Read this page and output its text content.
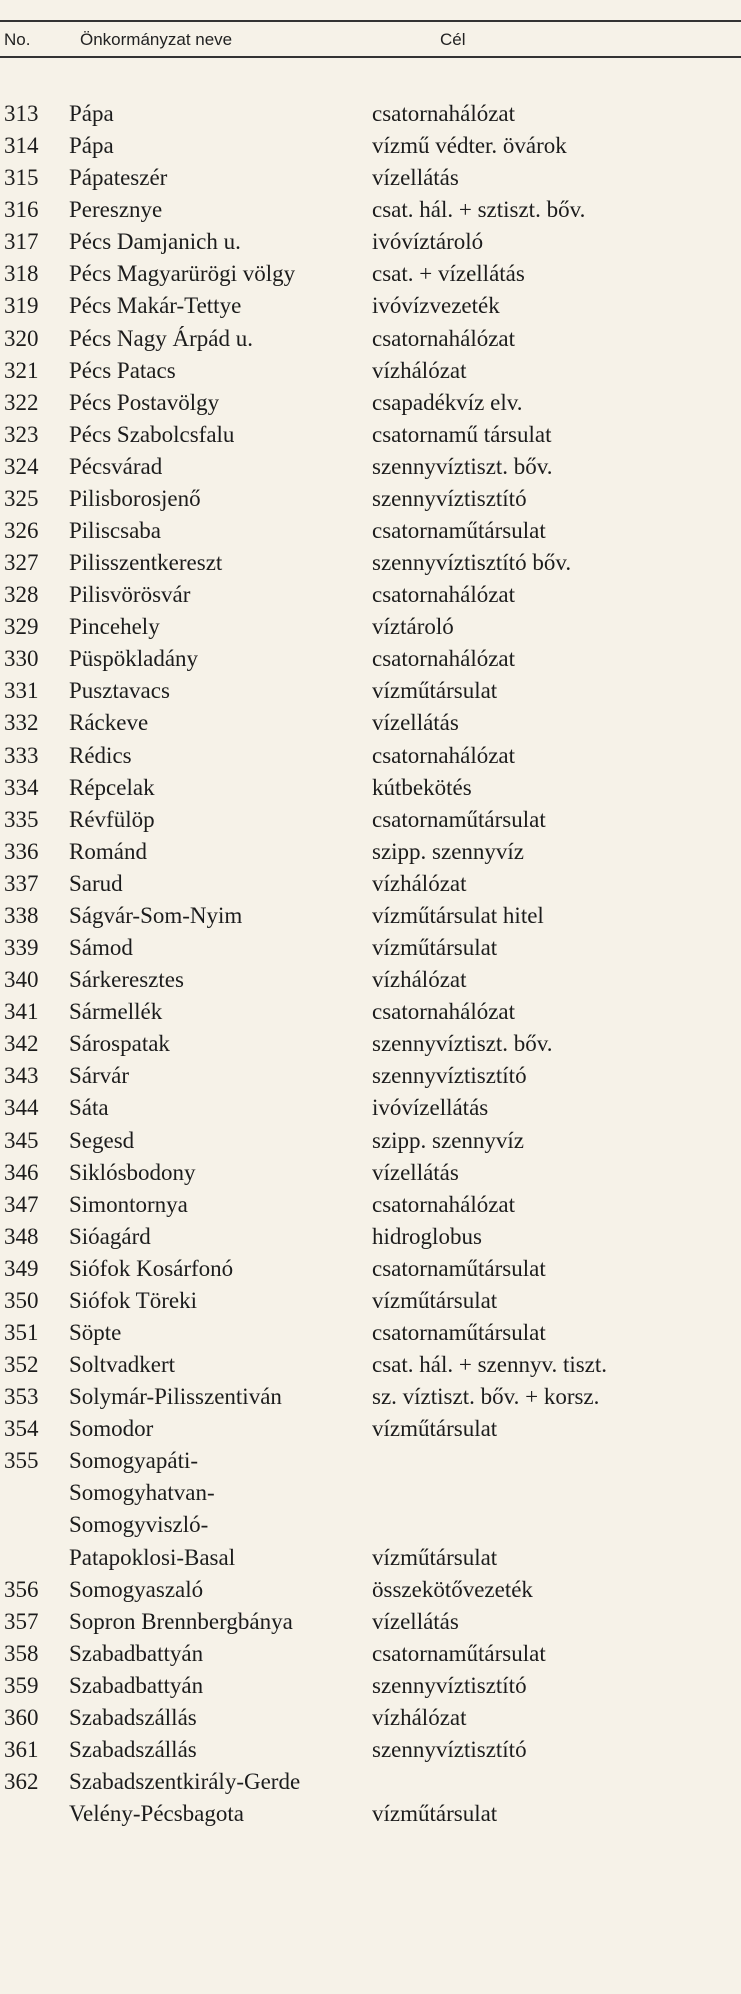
No.	Önkormányzat neve	Cél
313	Pápa	csatornahálózat
314	Pápa	vízmű védter. övárok
315	Pápateszér	vízellátás
316	Peresznye	csat. hál. + sztiszt. bőv.
317	Pécs Damjanich u.	ivóvíztároló
318	Pécs Magyarürögi völgy	csat. + vízellátás
319	Pécs Makár-Tettye	ivóvízvezeték
320	Pécs Nagy Árpád u.	csatornahálózat
321	Pécs Patacs	vízhálózat
322	Pécs Postavölgy	csapadékvíz elv.
323	Pécs Szabolcsfalu	csatornamű társulat
324	Pécsvárad	szennyvíztiszt. bőv.
325	Pilisborosjenő	szennyvíztisztító
326	Piliscsaba	csatornaműtársulat
327	Pilisszentkereszt	szennyvíztisztító bőv.
328	Pilisvörösvár	csatornahálózat
329	Pincehely	víztároló
330	Püspökladány	csatornahálózat
331	Pusztavacs	vízműtársulat
332	Ráckeve	vízellátás
333	Rédics	csatornahálózat
334	Répcelak	kútbekötés
335	Révfülöp	csatornaműtársulat
336	Románd	szipp. szennyvíz
337	Sarud	vízhálózat
338	Ságvár-Som-Nyim	vízműtársulat hitel
339	Sámod	vízműtársulat
340	Sárkeresztes	vízhálózat
341	Sármellék	csatornahálózat
342	Sárospatak	szennyvíztiszt. bőv.
343	Sárvár	szennyvíztisztító
344	Sáta	ivóvízellátás
345	Segesd	szipp. szennyvíz
346	Siklósbodony	vízellátás
347	Simontornya	csatornahálózat
348	Sióagárd	hidroglobus
349	Siófok Kosárfonó	csatornaműtársulat
350	Siófok Töreki	vízműtársulat
351	Söpte	csatornaműtársulat
352	Soltvadkert	csat. hál. + szennyv. tiszt.
353	Solymár-Pilisszentiván	sz. víztiszt. bőv. + korsz.
354	Somodor	vízműtársulat
355	Somogyapáti-
Somogyhatvan-
Somogyviszló-
Patapoklosi-Basal	vízműtársulat
356	Somogyaszaló	összekötővezeték
357	Sopron Brennbergbánya	vízellátás
358	Szabadbattyán	csatornaműtársulat
359	Szabadbattyán	szennyvíztisztító
360	Szabadszállás	vízhálózat
361	Szabadszállás	szennyvíztisztító
362	Szabadszentkirály-Gerde
Velény-Pécsbagota	vízműtársulat
